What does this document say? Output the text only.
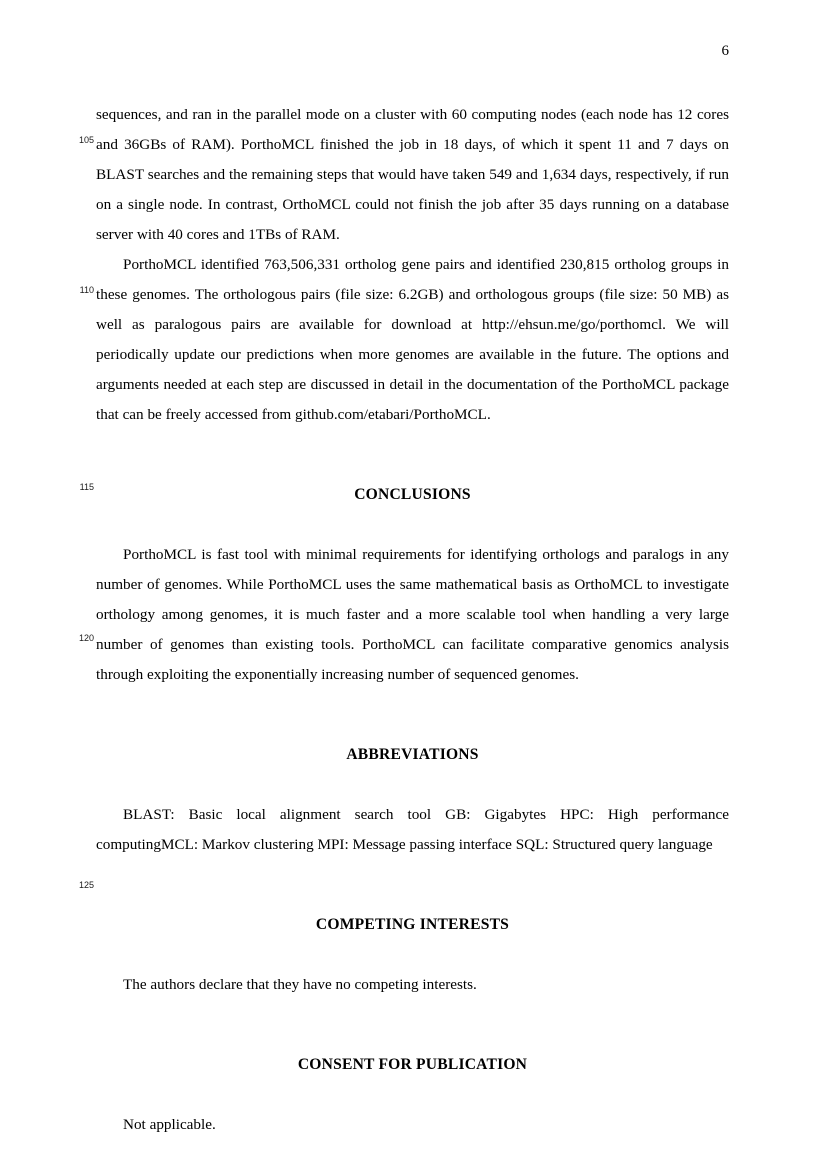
6
105
110
115
120
125

sequences, and ran in the parallel mode on a cluster with 60 computing nodes (each node has 12 cores and 36GBs of RAM). PorthoMCL finished the job in 18 days, of which it spent 11 and 7 days on BLAST searches and the remaining steps that would have taken 549 and 1,634 days, respectively, if run on a single node. In contrast, OrthoMCL could not finish the job after 35 days running on a database server with 40 cores and 1TBs of RAM.

PorthoMCL identified 763,506,331 ortholog gene pairs and identified 230,815 ortholog groups in these genomes. The orthologous pairs (file size: 6.2GB) and orthologous groups (file size: 50 MB) as well as paralogous pairs are available for download at http://ehsun.me/go/porthomcl. We will periodically update our predictions when more genomes are available in the future. The options and arguments needed at each step are discussed in detail in the documentation of the PorthoMCL package that can be freely accessed from github.com/etabari/PorthoMCL.

CONCLUSIONS

PorthoMCL is fast tool with minimal requirements for identifying orthologs and paralogs in any number of genomes. While PorthoMCL uses the same mathematical basis as OrthoMCL to investigate orthology among genomes, it is much faster and a more scalable tool when handling a very large number of genomes than existing tools. PorthoMCL can facilitate comparative genomics analysis through exploiting the exponentially increasing number of sequenced genomes.

ABBREVIATIONS

BLAST: Basic local alignment search tool GB: Gigabytes HPC: High performance computingMCL: Markov clustering MPI: Message passing interface SQL: Structured query language

COMPETING INTERESTS

The authors declare that they have no competing interests.

CONSENT FOR PUBLICATION

Not applicable.
